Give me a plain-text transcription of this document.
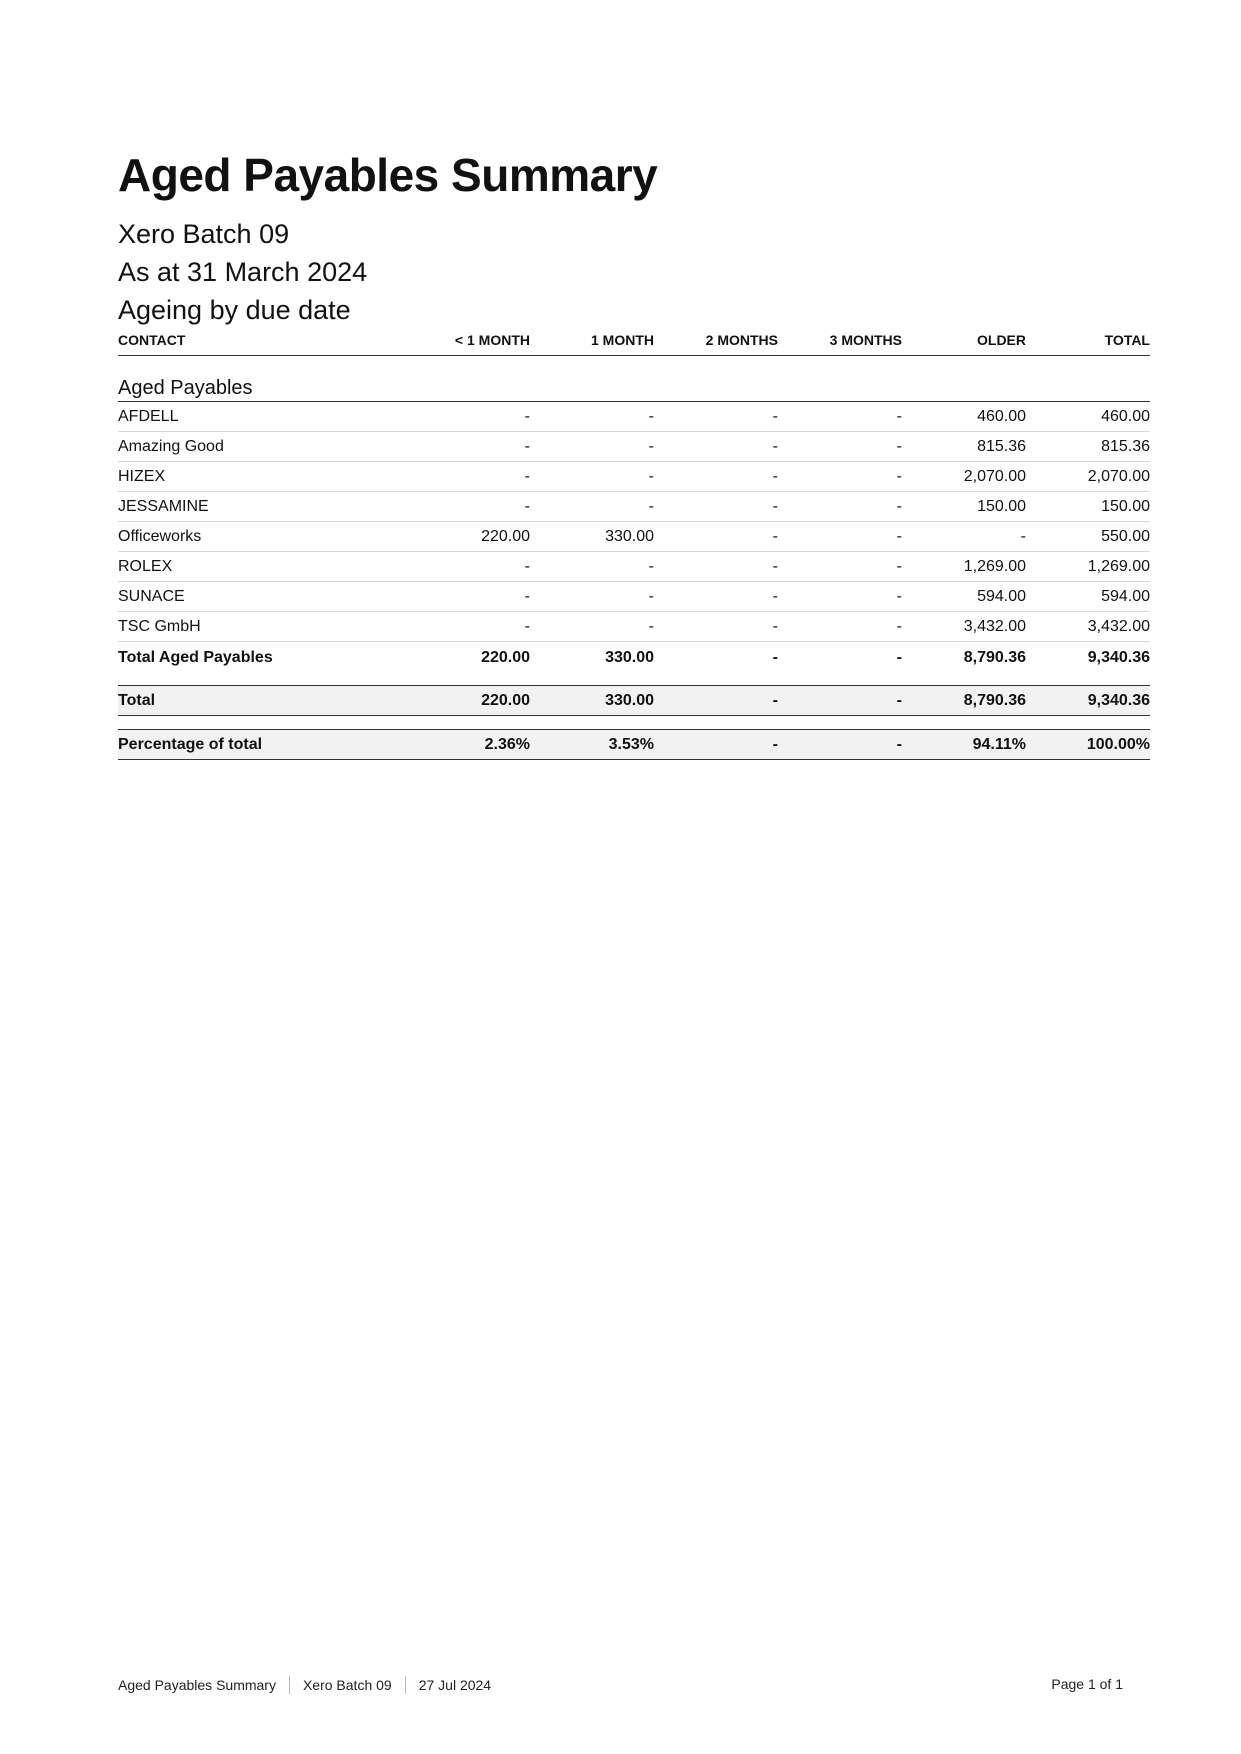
Aged Payables Summary
Xero Batch 09
As at 31 March 2024
Ageing by due date
CONTACT	< 1 MONTH	1 MONTH	2 MONTHS	3 MONTHS	OLDER	TOTAL
Aged Payables						
AFDELL	-	-	-	-	460.00	460.00
Amazing Good	-	-	-	-	815.36	815.36
HIZEX	-	-	-	-	2,070.00	2,070.00
JESSAMINE	-	-	-	-	150.00	150.00
Officeworks	220.00	330.00	-	-	-	550.00
ROLEX	-	-	-	-	1,269.00	1,269.00
SUNACE	-	-	-	-	594.00	594.00
TSC GmbH	-	-	-	-	3,432.00	3,432.00
Total Aged Payables	220.00	330.00	-	-	8,790.36	9,340.36

Total	220.00	330.00	-	-	8,790.36	9,340.36

Percentage of total	2.36%	3.53%	-	-	94.11%	100.00%
Aged Payables Summary Xero Batch 09 27 Jul 2024	Page 1 of 1
